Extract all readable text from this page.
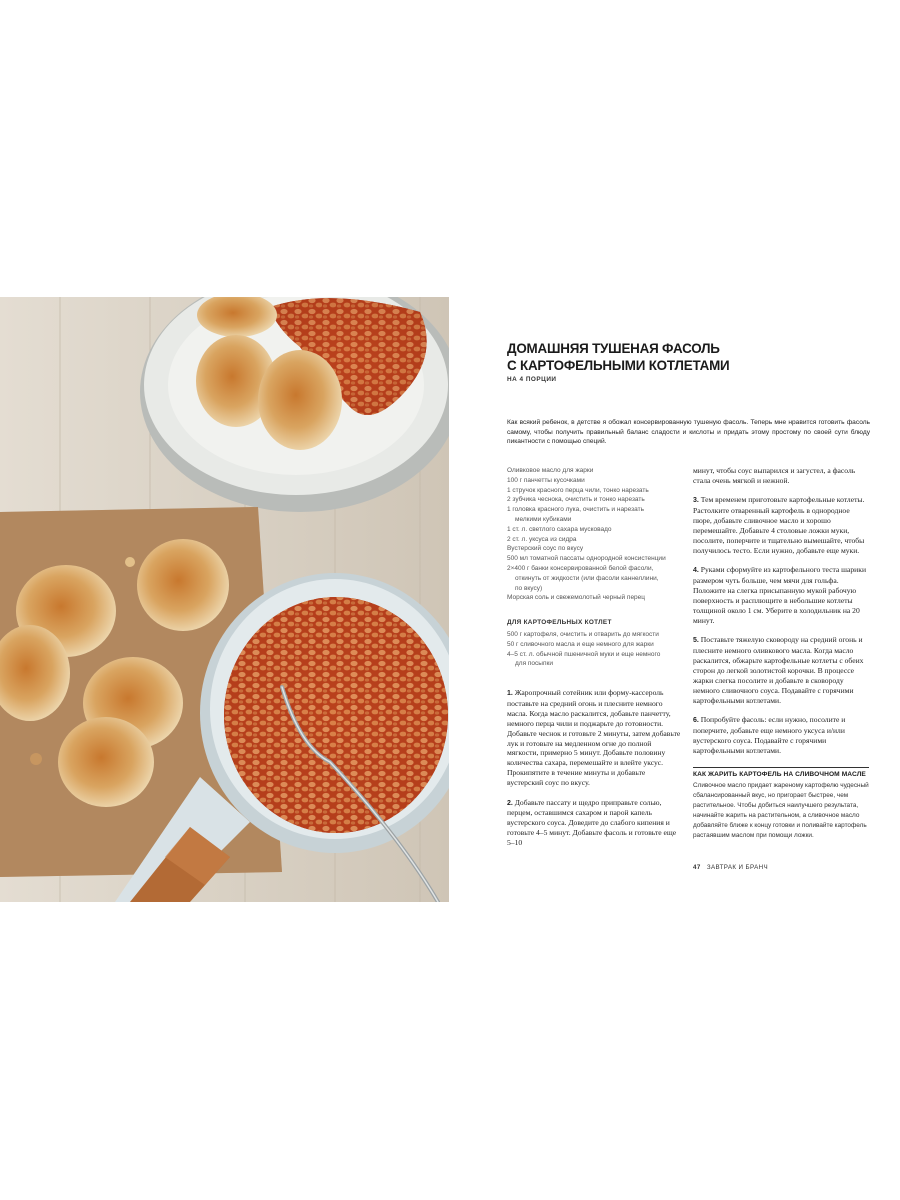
ДОМАШНЯЯ ТУШЕНАЯ ФАСОЛЬ
С КАРТОФЕЛЬНЫМИ КОТЛЕТАМИ
НА 4 ПОРЦИИ

Как всякий ребенок, в детстве я обожал консервированную тушеную фасоль. Теперь мне нравится готовить фасоль самому, чтобы получить правильный баланс сладости и кислоты и придать этому простому по своей сути блюду пикантности с помощью специй.

Оливковое масло для жарки
100 г панчетты кусочками
1 стручок красного перца чили, тонко нарезать
2 зубчика чеснока, очистить и тонко нарезать
1 головка красного лука, очистить и нарезать
мелкими кубиками
1 ст. л. светлого сахара мусковадо
2 ст. л. уксуса из сидра
Вустерский соус по вкусу
500 мл томатной пассаты однородной консистенции
2×400 г банки консервированной белой фасоли,
откинуть от жидкости (или фасоли каннеллини,
по вкусу)
Морская соль и свежемолотый черный перец
ДЛЯ КАРТОФЕЛЬНЫХ КОТЛЕТ
500 г картофеля, очистить и отварить до мягкости
50 г сливочного масла и еще немного для жарки
4–5 ст. л. обычной пшеничной муки и еще немного
для посыпки

1. Жаропрочный сотейник или форму-кассероль поставьте на средний огонь и плесните немного масла. Когда масло раскалится, добавьте панчетту, немного перца чили и поджарьте до готовности. Добавьте чеснок и готовьте 2 минуты, затем добавьте лук и готовьте на медленном огне до полной мягкости, примерно 5 минут. Добавьте половину количества сахара, перемешайте и влейте уксус. Прокипятите в течение минуты и добавьте вустерский соус по вкусу.

2. Добавьте пассату и щедро приправьте солью, перцем, оставшимся сахаром и парой капель вустерского соуса. Доведите до слабого кипения и готовьте 4–5 минут. Добавьте фасоль и готовьте еще 5–10

минут, чтобы соус выпарился и загустел, а фасоль стала очень мягкой и нежной.

3. Тем временем приготовьте картофельные котлеты. Растолките отваренный картофель в однородное пюре, добавьте сливочное масло и хорошо перемешайте. Добавьте 4 столовые ложки муки, посолите, поперчите и тщательно вымешайте, чтобы получилось тесто. Если нужно, добавьте еще муки.

4. Руками сформуйте из картофельного теста шарики размером чуть больше, чем мячи для гольфа. Положите на слегка присыпанную мукой рабочую поверхность и расплющите в небольшие котлеты толщиной около 1 см. Уберите в холодильник на 20 минут.

5. Поставьте тяжелую сковороду на средний огонь и плесните немного оливкового масла. Когда масло раскалится, обжарьте картофельные котлеты с обеих сторон до легкой золотистой корочки. В процессе жарки слегка посолите и добавьте в сковороду немного сливочного соуса. Подавайте с горячими картофельными котлетами.

6. Попробуйте фасоль: если нужно, посолите и поперчите, добавьте еще немного уксуса и/или вустерского соуса. Подавайте с горячими картофельными котлетами.

КАК ЖАРИТЬ КАРТОФЕЛЬ НА СЛИВОЧНОМ МАСЛЕ

Сливочное масло придает жареному картофелю чудесный сбалансированный вкус, но пригорает быстрее, чем растительное. Чтобы добиться наилучшего результата, начинайте жарить на растительном, а сливочное масло добавляйте ближе к концу готовки и поливайте картофель растаявшим маслом при помощи ложки.

47 ЗАВТРАК И БРАНЧ
